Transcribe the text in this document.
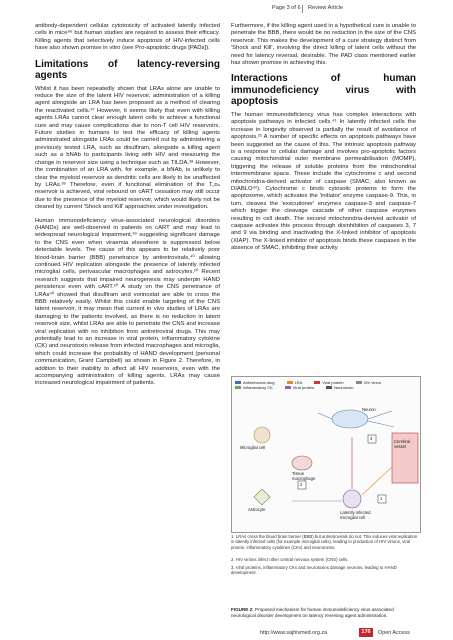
Page 3 of 6 Review Article

antibody-dependent cellular cytotoxicity of activated latently infected cells in mice⁹⁶ but human studies are required to assess their efficacy. Killing agents that selectively induce apoptosis of HIV-infected cells have also shown promise in vitro (see Pro-apoptotic drugs [PADs]).

Limitations of latency-reversing agents

Whilst it has been repeatedly shown that LRAs alone are unable to reduce the size of the latent HIV reservoir, administration of a killing agent alongside an LRA has been proposed as a method of clearing the reactivated cells.³⁷ However, it seems likely that even with killing agents LRAs cannot clear enough latent cells to achieve a functional cure and may cause complications due to non-T cell HIV reservoirs. Future studies in humans to test the efficacy of killing agents administrated alongside LRAs could be carried out by administering a previously tested LRA, such as disulfiram, alongside a killing agent such as a bNAb to participants living with HIV and measuring the change in reservoir size using a technique such as TILDA.³⁸ However, the combination of an LRA with, for example, a bNAb, is unlikely to clear the myeloid reservoir as dendritic cells are likely to be unaffected by LRAs.³⁹ Therefore, even if functional elimination of the T꜀ᴅ₄ reservoir is achieved, viral rebound on cART cessation may still occur due to the presence of the myeloid reservoir, which would likely not be cleared by current 'Shock and Kill' approaches under investigation.

Human immunodeficiency virus-associated neurological disorders (HANDs) are well-observed in patients on cART and may lead to widespread neurological impairment,³⁹ suggesting significant damage to the CNS even when viraemia elsewhere is suppressed below detectable levels. The cause of this appears to be relatively poor blood-brain barrier (BBB) penetrance by antiretrovirals,⁴⁰ allowing continued HIV replication alongside the presence of latently infected microglial cells, perivascular macrophages and astrocytes.²⁰ Recent research suggests that impaired neurogenesis may underpin HAND persistence even with cART.²⁰ A study on the CNS penetrance of LRAs⁴⁰ showed that disulfiram and vorinostat are able to cross the BBB relatively easily. Whilst this could enable targeting of the CNS latent reservoir, it may mean that current in vivo studies of LRAs are damaging to the patients involved, as there is no reduction in latent reservoir size, whilst LRAs are able to penetrate the CNS and increase viral replication with no inhibition from antiretroviral drugs. This may potentially lead to an increase in viral protein, inflammatory cytokine (CK) and neurotoxin release from infected macrophages and microglia, which could increase the probability of HAND development (personal communication, Grant Campbell) as shown in Figure 2. Therefore, in addition to their inability to affect all HIV reservoirs, even with the accompanying administration of killing agents, LRAs may cause increased neurological impairment of patients.

Furthermore, if the killing agent used in a hypothetical cure is unable to penetrate the BBB, there would be no reduction in the size of the CNS reservoir. This makes the development of a cure strategy distinct from 'Shock and Kill', involving the direct killing of latent cells without the need for latency reversal, desirable. The PAD class mentioned earlier has shown promise in achieving this.

Interactions of human immunodeficiency virus with apoptosis

The human immunodeficiency virus has complex interactions with apoptosis pathways in infected cells.⁴¹ In latently infected cells the increase in longevity observed is partially the result of avoidance of apoptosis.²² A number of specific effects on apoptosis pathways have been suggested as the cause of this. The intrinsic apoptosis pathway is a response to cellular damage and involves pro-apoptotic factors causing mitochondrial outer membrane permeabilisation (MOMP), triggering the release of soluble proteins from the mitochondrial intermembrane space. These include the cytochrome c and second mitochondria-derived activator of caspase (SMAC; also known as DIABLO⁴²). Cytochrome c binds cytosolic proteins to form the apoptosome, which activates the 'initiator' enzyme caspase-9. This, in turn, cleaves the 'executioner' enzymes caspase-3 and caspase-7 which trigger the cleavage cascade of other caspase enzymes resulting in cell death. The second mitochondria-derived activator of caspase activates this process through disinhibition of caspases 3, 7 and 9 via binding and inactivating the X-linked inhibitor of apoptosis (XIAP). The X-linked inhibitor of apoptosis binds these caspases in the absence of SMAC, inhibiting their activity

Antiretroviral drug	LRA	Viral protein	HIV virionInflammatory CK	Viral protein	Neurotoxin
Neuron
Microglial cell
Tissue macrophage
Cerebral vessel
Astrocyte
Latently infected microglial cell
3
2
1
1. LRAs cross the blood brain barrier (BBB) but antiretrovirals do not. This induces viral replication in latently infected cells (for example microglial cells), leading to production of HIV virions, viral protein, inflammatory cytokines (CKs) and neurotoxins.
2. HIV virions infect other central nervous system (CNS) cells.
3. Viral proteins, inflammatory CKs and neurotoxins damage neurons, leading to HAND development.
FIGURE 2: Proposed mechanism for human immunodeficiency virus associated neurological disorder development on latency reversing agent administration.
http://www.sajhivmed.org.za	176	Open Access
